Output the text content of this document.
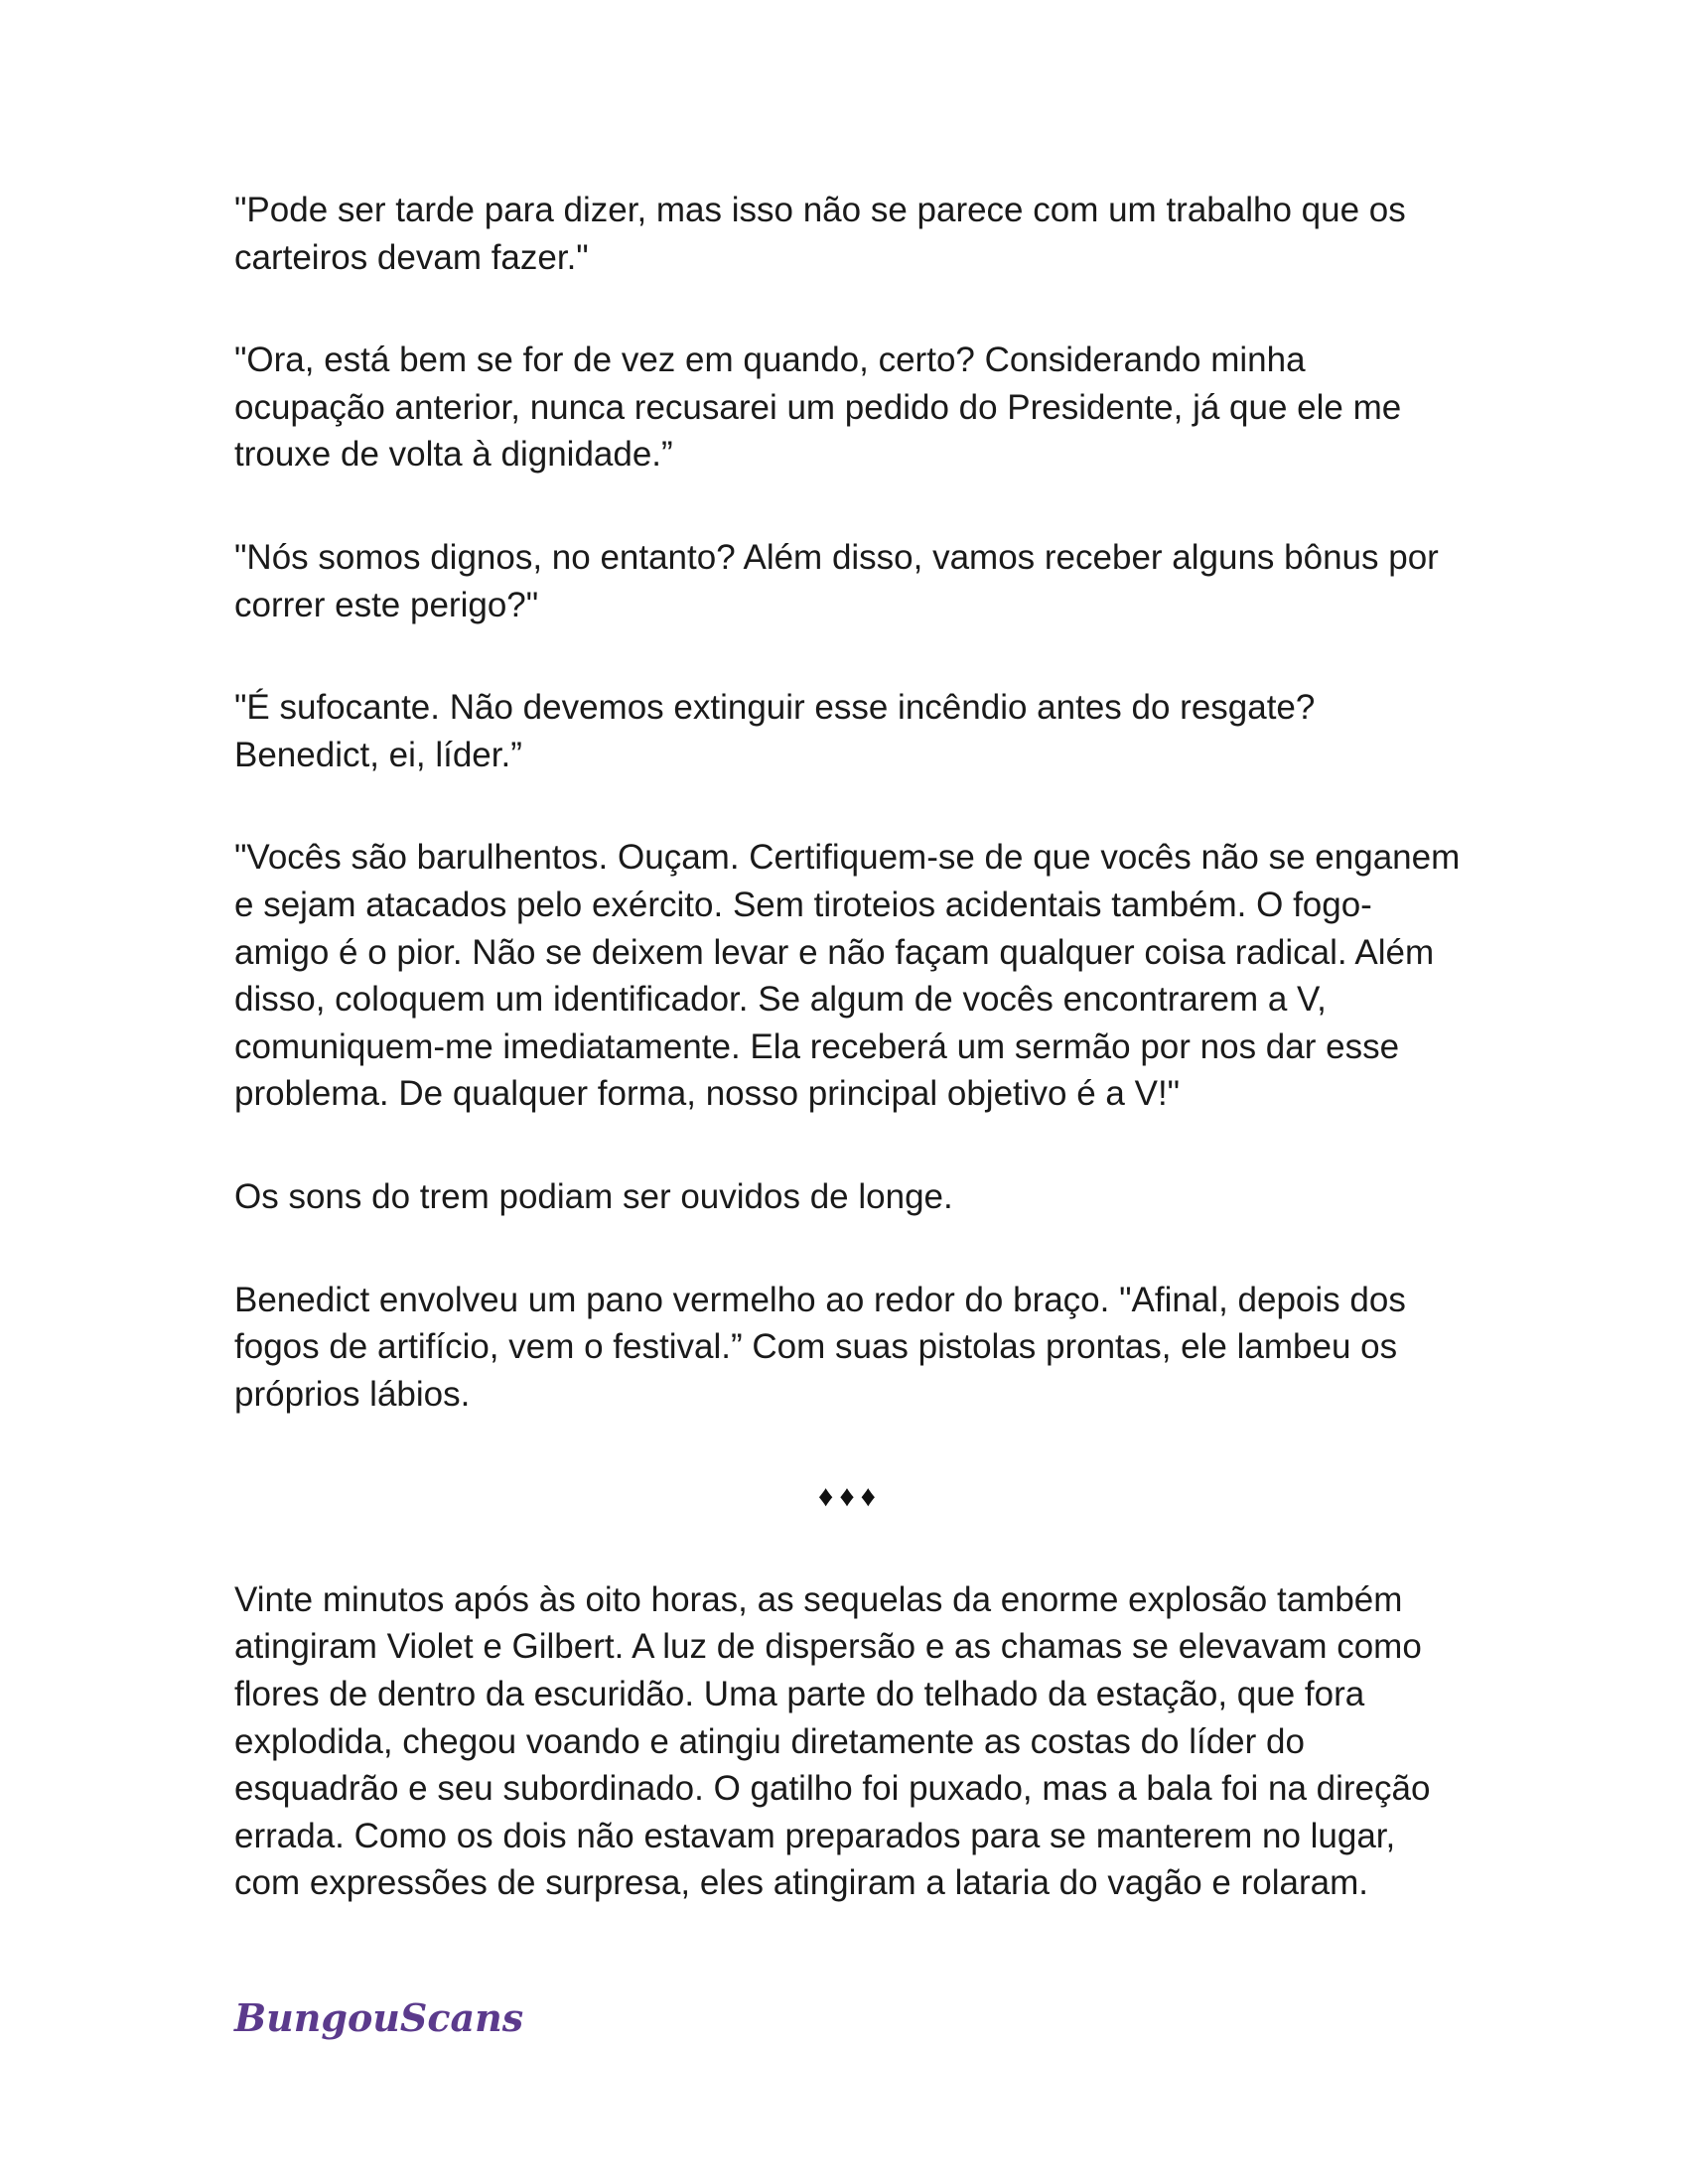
"Pode ser tarde para dizer, mas isso não se parece com um trabalho que os carteiros devam fazer."

"Ora, está bem se for de vez em quando, certo? Considerando minha ocupação anterior, nunca recusarei um pedido do Presidente, já que ele me trouxe de volta à dignidade.”

"Nós somos dignos, no entanto? Além disso, vamos receber alguns bônus por correr este perigo?"

"É sufocante. Não devemos extinguir esse incêndio antes do resgate? Benedict, ei, líder.”

"Vocês são barulhentos. Ouçam. Certifiquem-se de que vocês não se enganem e sejam atacados pelo exército. Sem tiroteios acidentais também. O fogo-amigo é o pior. Não se deixem levar e não façam qualquer coisa radical. Além disso, coloquem um identificador. Se algum de vocês encontrarem a V, comuniquem-me imediatamente. Ela receberá um sermão por nos dar esse problema. De qualquer forma, nosso principal objetivo é a V!"

Os sons do trem podiam ser ouvidos de longe.

Benedict envolveu um pano vermelho ao redor do braço. "Afinal, depois dos fogos de artifício, vem o festival.” Com suas pistolas prontas, ele lambeu os próprios lábios.

♦♦♦

Vinte minutos após às oito horas, as sequelas da enorme explosão também atingiram Violet e Gilbert. A luz de dispersão e as chamas se elevavam como flores de dentro da escuridão. Uma parte do telhado da estação, que fora explodida, chegou voando e atingiu diretamente as costas do líder do esquadrão e seu subordinado. O gatilho foi puxado, mas a bala foi na direção errada. Como os dois não estavam preparados para se manterem no lugar, com expressões de surpresa, eles atingiram a lataria do vagão e rolaram.

BungouScans
